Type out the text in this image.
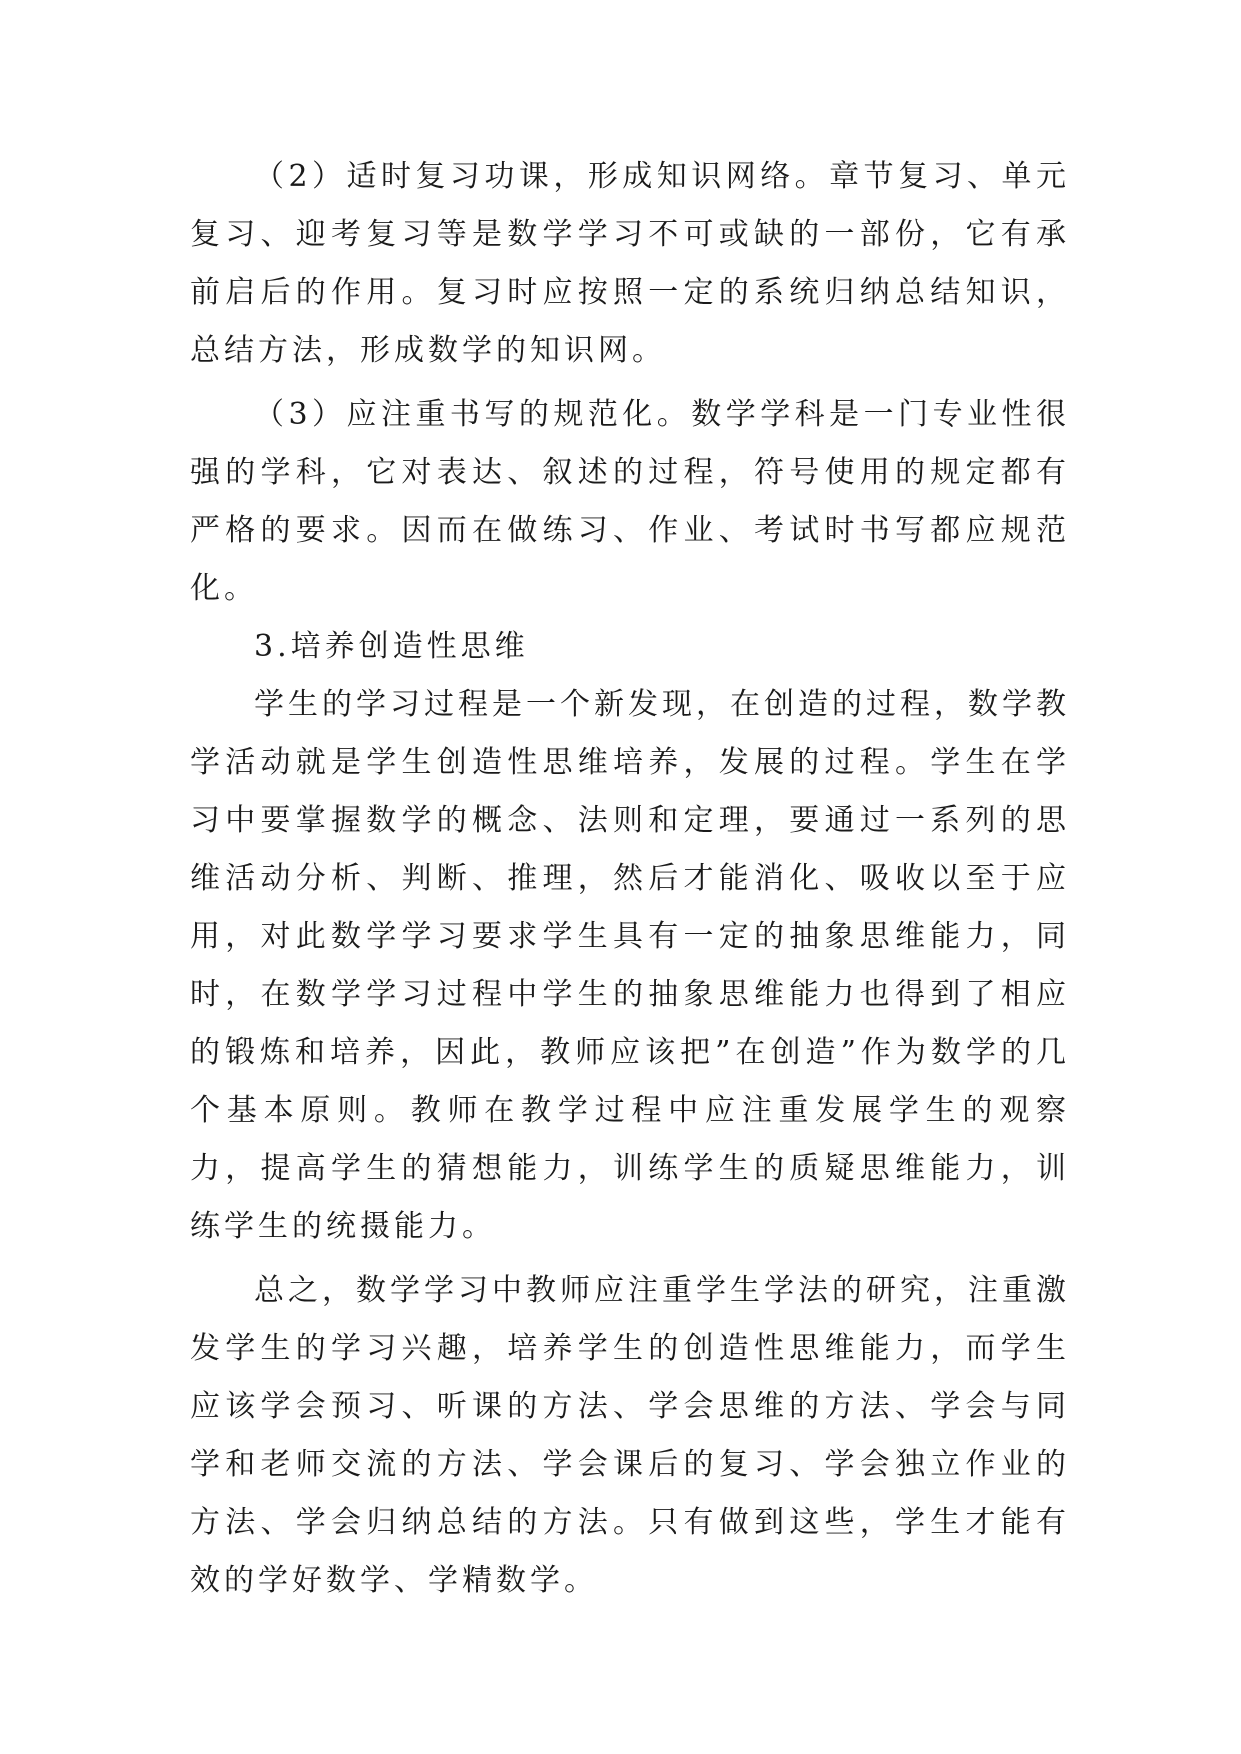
（2）适时复习功课，形成知识网络。章节复习、单元复习、迎考复习等是数学学习不可或缺的一部份，它有承前启后的作用。复习时应按照一定的系统归纳总结知识，总结方法，形成数学的知识网。

（3）应注重书写的规范化。数学学科是一门专业性很强的学科，它对表达、叙述的过程，符号使用的规定都有严格的要求。因而在做练习、作业、考试时书写都应规范化。

3.培养创造性思维

学生的学习过程是一个新发现，在创造的过程，数学教学活动就是学生创造性思维培养，发展的过程。学生在学习中要掌握数学的概念、法则和定理，要通过一系列的思维活动分析、判断、推理，然后才能消化、吸收以至于应用，对此数学学习要求学生具有一定的抽象思维能力，同时，在数学学习过程中学生的抽象思维能力也得到了相应的锻炼和培养，因此，教师应该把”在创造”作为数学的几个基本原则。教师在教学过程中应注重发展学生的观察力，提高学生的猜想能力，训练学生的质疑思维能力，训练学生的统摄能力。

总之，数学学习中教师应注重学生学法的研究，注重激发学生的学习兴趣，培养学生的创造性思维能力，而学生应该学会预习、听课的方法、学会思维的方法、学会与同学和老师交流的方法、学会课后的复习、学会独立作业的方法、学会归纳总结的方法。只有做到这些，学生才能有效的学好数学、学精数学。
